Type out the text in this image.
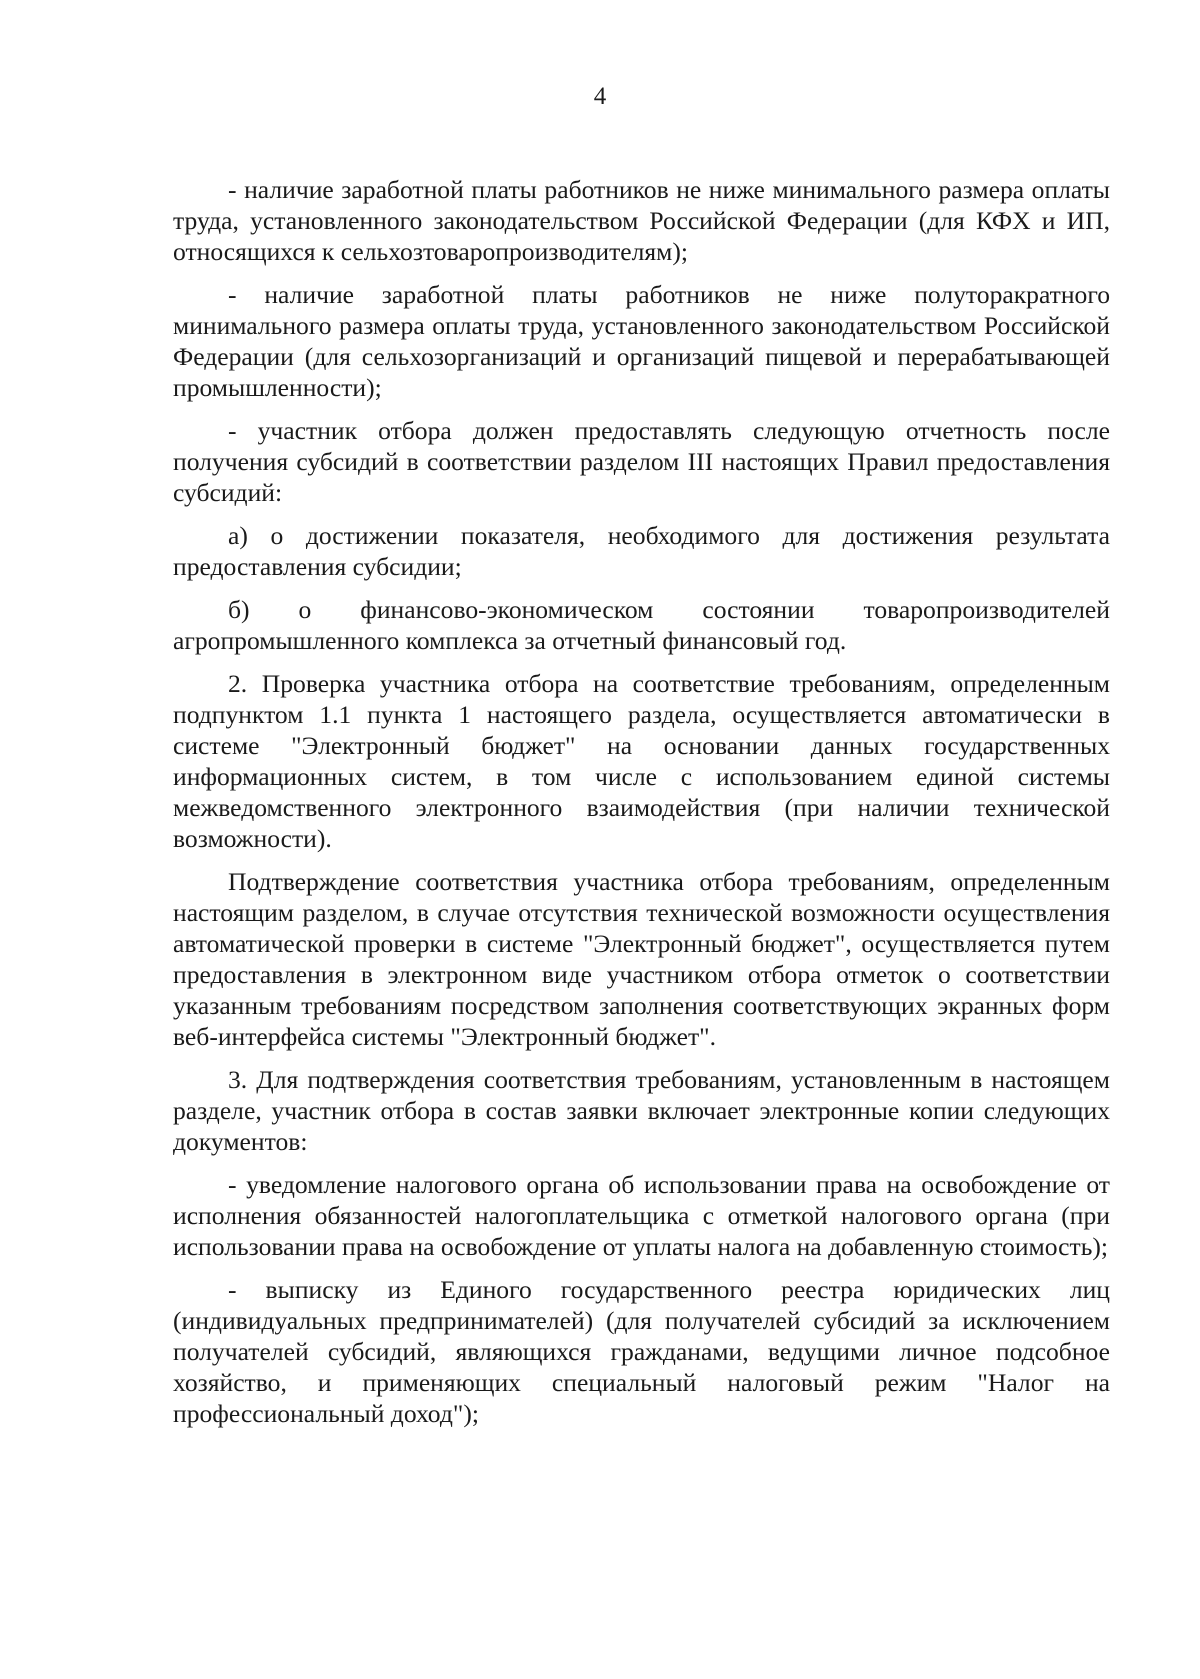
4

- наличие заработной платы работников не ниже минимального размера оплаты труда, установленного законодательством Российской Федерации (для КФХ и ИП, относящихся к сельхозтоваропроизводителям);

- наличие заработной платы работников не ниже полуторакратного минимального размера оплаты труда, установленного законодательством Российской Федерации (для сельхозорганизаций и организаций пищевой и перерабатывающей промышленности);

- участник отбора должен предоставлять следующую отчетность после получения субсидий в соответствии разделом III настоящих Правил предоставления субсидий:

а) о достижении показателя, необходимого для достижения результата предоставления субсидии;

б) о финансово-экономическом состоянии товаропроизводителей агропромышленного комплекса за отчетный финансовый год.

2. Проверка участника отбора на соответствие требованиям, определенным подпунктом 1.1 пункта 1 настоящего раздела, осуществляется автоматически в системе "Электронный бюджет" на основании данных государственных информационных систем, в том числе с использованием единой системы межведомственного электронного взаимодействия (при наличии технической возможности).

Подтверждение соответствия участника отбора требованиям, определенным настоящим разделом, в случае отсутствия технической возможности осуществления автоматической проверки в системе "Электронный бюджет", осуществляется путем предоставления в электронном виде участником отбора отметок о соответствии указанным требованиям посредством заполнения соответствующих экранных форм веб-интерфейса системы "Электронный бюджет".

3. Для подтверждения соответствия требованиям, установленным в настоящем разделе, участник отбора в состав заявки включает электронные копии следующих документов:

- уведомление налогового органа об использовании права на освобождение от исполнения обязанностей налогоплательщика с отметкой налогового органа (при использовании права на освобождение от уплаты налога на добавленную стоимость);

- выписку из Единого государственного реестра юридических лиц (индивидуальных предпринимателей) (для получателей субсидий за исключением получателей субсидий, являющихся гражданами, ведущими личное подсобное хозяйство, и применяющих специальный налоговый режим "Налог на профессиональный доход");
